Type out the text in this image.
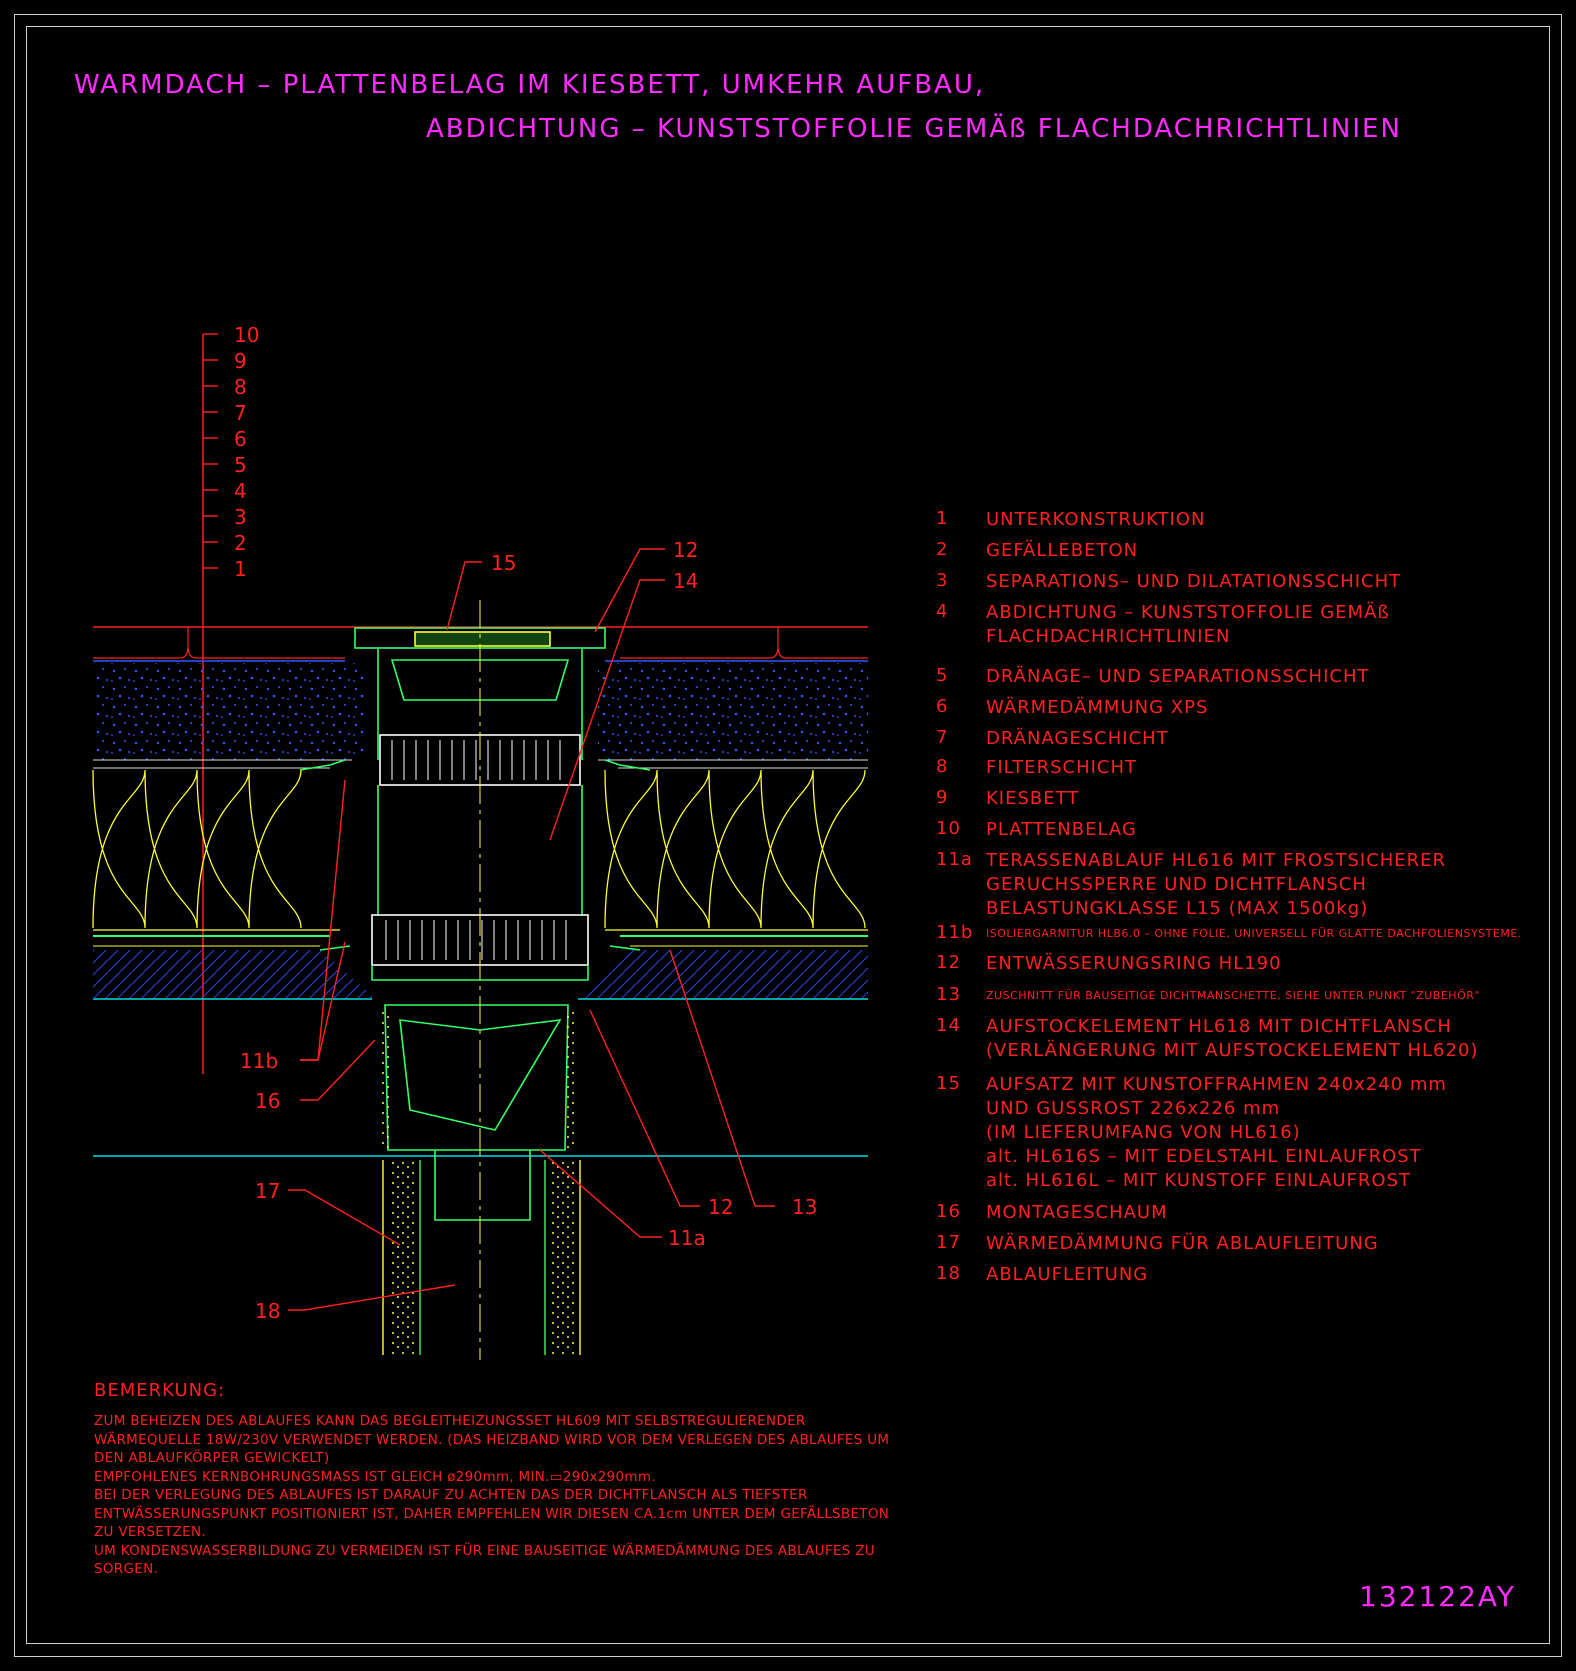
WARMDACH – PLATTENBELAG IM KIESBETT, UMKEHR AUFBAU,
ABDICHTUNG – KUNSTSTOFFOLIE GEMÄß FLACHDACHRICHTLINIEN
10
9
8
7
6
5
4
3
2
1	15
12
14
11b
16
17
18
12	13
11a
1	UNTERKONSTRUKTION
2	GEFÄLLEBETON
3	SEPARATIONS– UND DILATATIONSSCHICHT
4	ABDICHTUNG – KUNSTSTOFFOLIE GEMÄß
FLACHDACHRICHTLINIEN
5	DRÄNAGE– UND SEPARATIONSSCHICHT
6	WÄRMEDÄMMUNG XPS
7	DRÄNAGESCHICHT
8	FILTERSCHICHT
9	KIESBETT
10	PLATTENBELAG
11a TERASSENABLAUF HL616 MIT FROSTSICHERER
GERUCHSSPERRE UND DICHTFLANSCH
BELASTUNGKLASSE L15 (MAX 1500kg)
11b	ISOLIERGARNITUR HLB6.0 – OHNE FOLIE, UNIVERSELL FÜR GLATTE DACHFOLIENSYSTEME.
12	ENTWÄSSERUNGSRING HL190
13	ZUSCHNITT FÜR BAUSEITIGE DICHTMANSCHETTE, SIEHE UNTER PUNKT "ZUBEHÖR"
14	AUFSTOCKELEMENT HL618 MIT DICHTFLANSCH
(VERLÄNGERUNG MIT AUFSTOCKELEMENT HL620)
15	AUFSATZ MIT KUNSTOFFRAHMEN 240x240 mm
UND GUSSROST 226x226 mm
(IM LIEFERUMFANG VON HL616)
alt. HL616S – MIT EDELSTAHL EINLAUFROST
alt. HL616L – MIT KUNSTOFF EINLAUFROST
16	MONTAGESCHAUM
17	WÄRMEDÄMMUNG FÜR ABLAUFLEITUNG
18	ABLAUFLEITUNG
BEMERKUNG:
ZUM BEHEIZEN DES ABLAUFES KANN DAS BEGLEITHEIZUNGSSET HL609 MIT SELBSTREGULIERENDER
WÄRMEQUELLE 18W/230V VERWENDET WERDEN. (DAS HEIZBAND WIRD VOR DEM VERLEGEN DES ABLAUFES UM
DEN ABLAUFKÖRPER GEWICKELT)
EMPFOHLENES KERNBOHRUNGSMASS IST GLEICH ø290mm, MIN.▭290x290mm.
BEI DER VERLEGUNG DES ABLAUFES IST DARAUF ZU ACHTEN DAS DER DICHTFLANSCH ALS TIEFSTER
ENTWÄSSERUNGSPUNKT POSITIONIERT IST, DAHER EMPFEHLEN WIR DIESEN CA.1cm UNTER DEM GEFÄLLSBETON
ZU VERSETZEN.
UM KONDENSWASSERBILDUNG ZU VERMEIDEN IST FÜR EINE BAUSEITIGE WÄRMEDÄMMUNG DES ABLAUFES ZU
SORGEN.
132122AY
